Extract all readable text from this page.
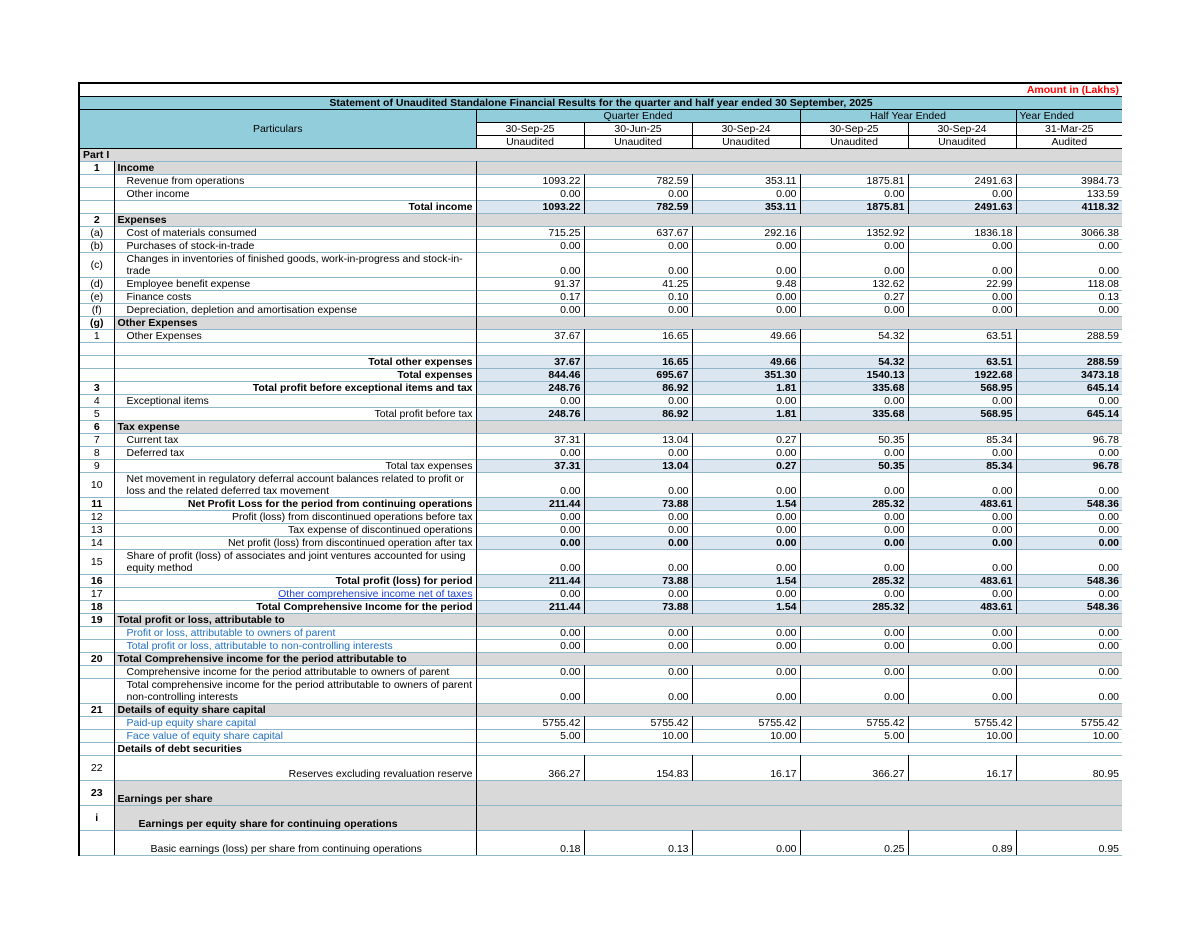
Amount in (Lakhs)							
Statement of Unaudited Standalone Financial Results for the quarter and half year ended 30 September, 2025							
Particulars		Quarter Ended			Half Year Ended		Year Ended
		30-Sep-25	30-Jun-25	30-Sep-24	30-Sep-25	30-Sep-24	31-Mar-25
		Unaudited	Unaudited	Unaudited	Unaudited	Unaudited	Audited
Part I							
1	Income						
	Revenue from operations	1093.22	782.59	353.11	1875.81	2491.63	3984.73
	Other income	0.00	0.00	0.00	0.00	0.00	133.59
	Total income	1093.22	782.59	353.11	1875.81	2491.63	4118.32
2	Expenses						
(a)	Cost of materials consumed	715.25	637.67	292.16	1352.92	1836.18	3066.38
(b)	Purchases of stock-in-trade	0.00	0.00	0.00	0.00	0.00	0.00
(c)	Changes in inventories of finished goods, work-in-progress and stock-in-trade	0.00	0.00	0.00	0.00	0.00	0.00
(d)	Employee benefit expense	91.37	41.25	9.48	132.62	22.99	118.08
(e)	Finance costs	0.17	0.10	0.00	0.27	0.00	0.13
(f)	Depreciation, depletion and amortisation expense	0.00	0.00	0.00	0.00	0.00	0.00
(g)	Other Expenses						
1	Other Expenses	37.67	16.65	49.66	54.32	63.51	288.59

	Total other expenses	37.67	16.65	49.66	54.32	63.51	288.59
	Total expenses	844.46	695.67	351.30	1540.13	1922.68	3473.18
3	Total profit before exceptional items and tax	248.76	86.92	1.81	335.68	568.95	645.14
4	Exceptional items	0.00	0.00	0.00	0.00	0.00	0.00
5	Total profit before tax	248.76	86.92	1.81	335.68	568.95	645.14
6	Tax expense						
7	Current tax	37.31	13.04	0.27	50.35	85.34	96.78
8	Deferred tax	0.00	0.00	0.00	0.00	0.00	0.00
9	Total tax expenses	37.31	13.04	0.27	50.35	85.34	96.78
10	Net movement in regulatory deferral account balances related to profit or loss and the related deferred tax movement	0.00	0.00	0.00	0.00	0.00	0.00
11	Net Profit Loss for the period from continuing operations	211.44	73.88	1.54	285.32	483.61	548.36
12	Profit (loss) from discontinued operations before tax	0.00	0.00	0.00	0.00	0.00	0.00
13	Tax expense of discontinued operations	0.00	0.00	0.00	0.00	0.00	0.00
14	Net profit (loss) from discontinued operation after tax	0.00	0.00	0.00	0.00	0.00	0.00
15	Share of profit (loss) of associates and joint ventures accounted for using equity method	0.00	0.00	0.00	0.00	0.00	0.00
16	Total profit (loss) for period	211.44	73.88	1.54	285.32	483.61	548.36
17	Other comprehensive income net of taxes	0.00	0.00	0.00	0.00	0.00	0.00
18	Total Comprehensive Income for the period	211.44	73.88	1.54	285.32	483.61	548.36
19	Total profit or loss, attributable to						
	Profit or loss, attributable to owners of parent	0.00	0.00	0.00	0.00	0.00	0.00
	Total profit or loss, attributable to non-controlling interests	0.00	0.00	0.00	0.00	0.00	0.00
20	Total Comprehensive income for the period attributable to						
	Comprehensive income for the period attributable to owners of parent	0.00	0.00	0.00	0.00	0.00	0.00
	Total comprehensive income for the period attributable to owners of parent non-controlling interests	0.00	0.00	0.00	0.00	0.00	0.00
21	Details of equity share capital						
	Paid-up equity share capital	5755.42	5755.42	5755.42	5755.42	5755.42	5755.42
	Face value of equity share capital	5.00	10.00	10.00	5.00	10.00	10.00
	Details of debt securities						
22	Reserves excluding revaluation reserve	366.27	154.83	16.17	366.27	16.17	80.95
23	Earnings per share						
i	Earnings per equity share for continuing operations						
	Basic earnings (loss) per share from continuing operations	0.18	0.13	0.00	0.25	0.89	0.95
